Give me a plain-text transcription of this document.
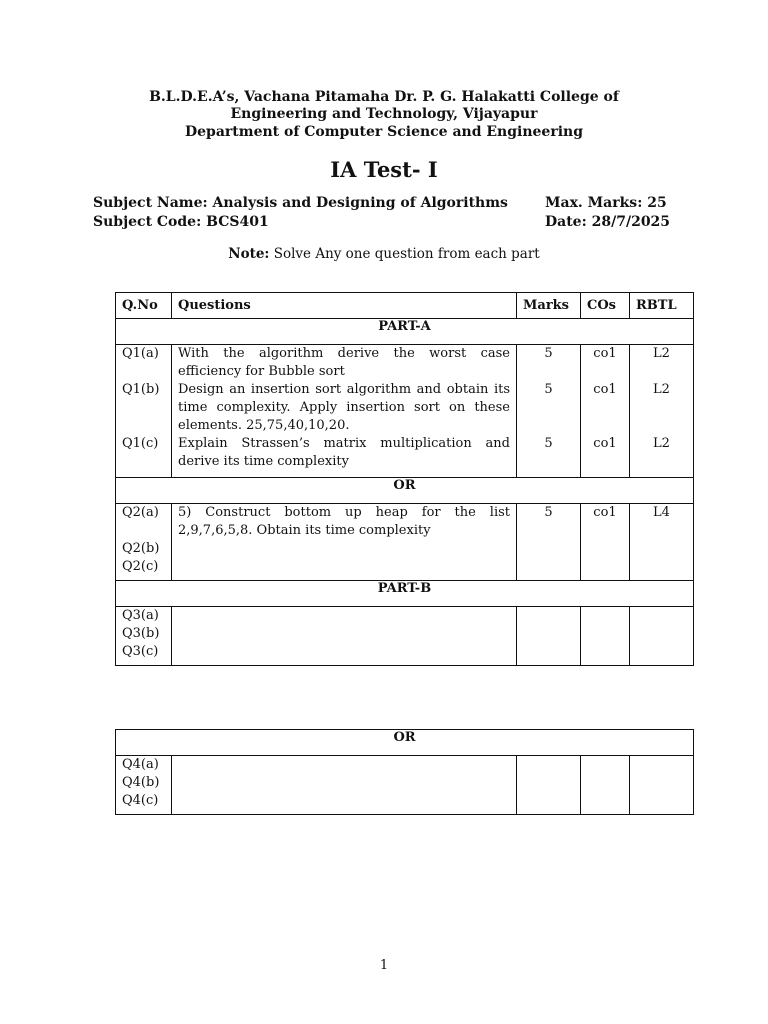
B.L.D.E.A’s, Vachana Pitamaha Dr. P. G. Halakatti College of
Engineering and Technology, Vijayapur
Department of Computer Science and Engineering
IA Test- I
Subject Name: Analysis and Designing of Algorithms
Subject Code: BCS401
Max. Marks: 25
Date: 28/7/2025
Note: Solve Any one question from each part
Q.No	Questions	Marks	COs	RBTL
PART-A				
Q1(a)	With the algorithm derive the worst case efficiency for Bubble sort	5	co1	L2
Q1(b)	Design an insertion sort algorithm and obtain its time complexity. Apply insertion sort on these elements. 25,75,40,10,20.	5	co1	L2
Q1(c)	Explain Strassen’s matrix multiplication and derive its time complexity	5	co1	L2
OR				
Q2(a)	5) Construct bottom up heap for the list 2,9,7,6,5,8. Obtain its time complexity	5	co1	L4
Q2(b)				
Q2(c)				
PART-B				
Q3(a)				
Q3(b)				
Q3(c)				
OR				
Q4(a)				
Q4(b)				
Q4(c)				
1
